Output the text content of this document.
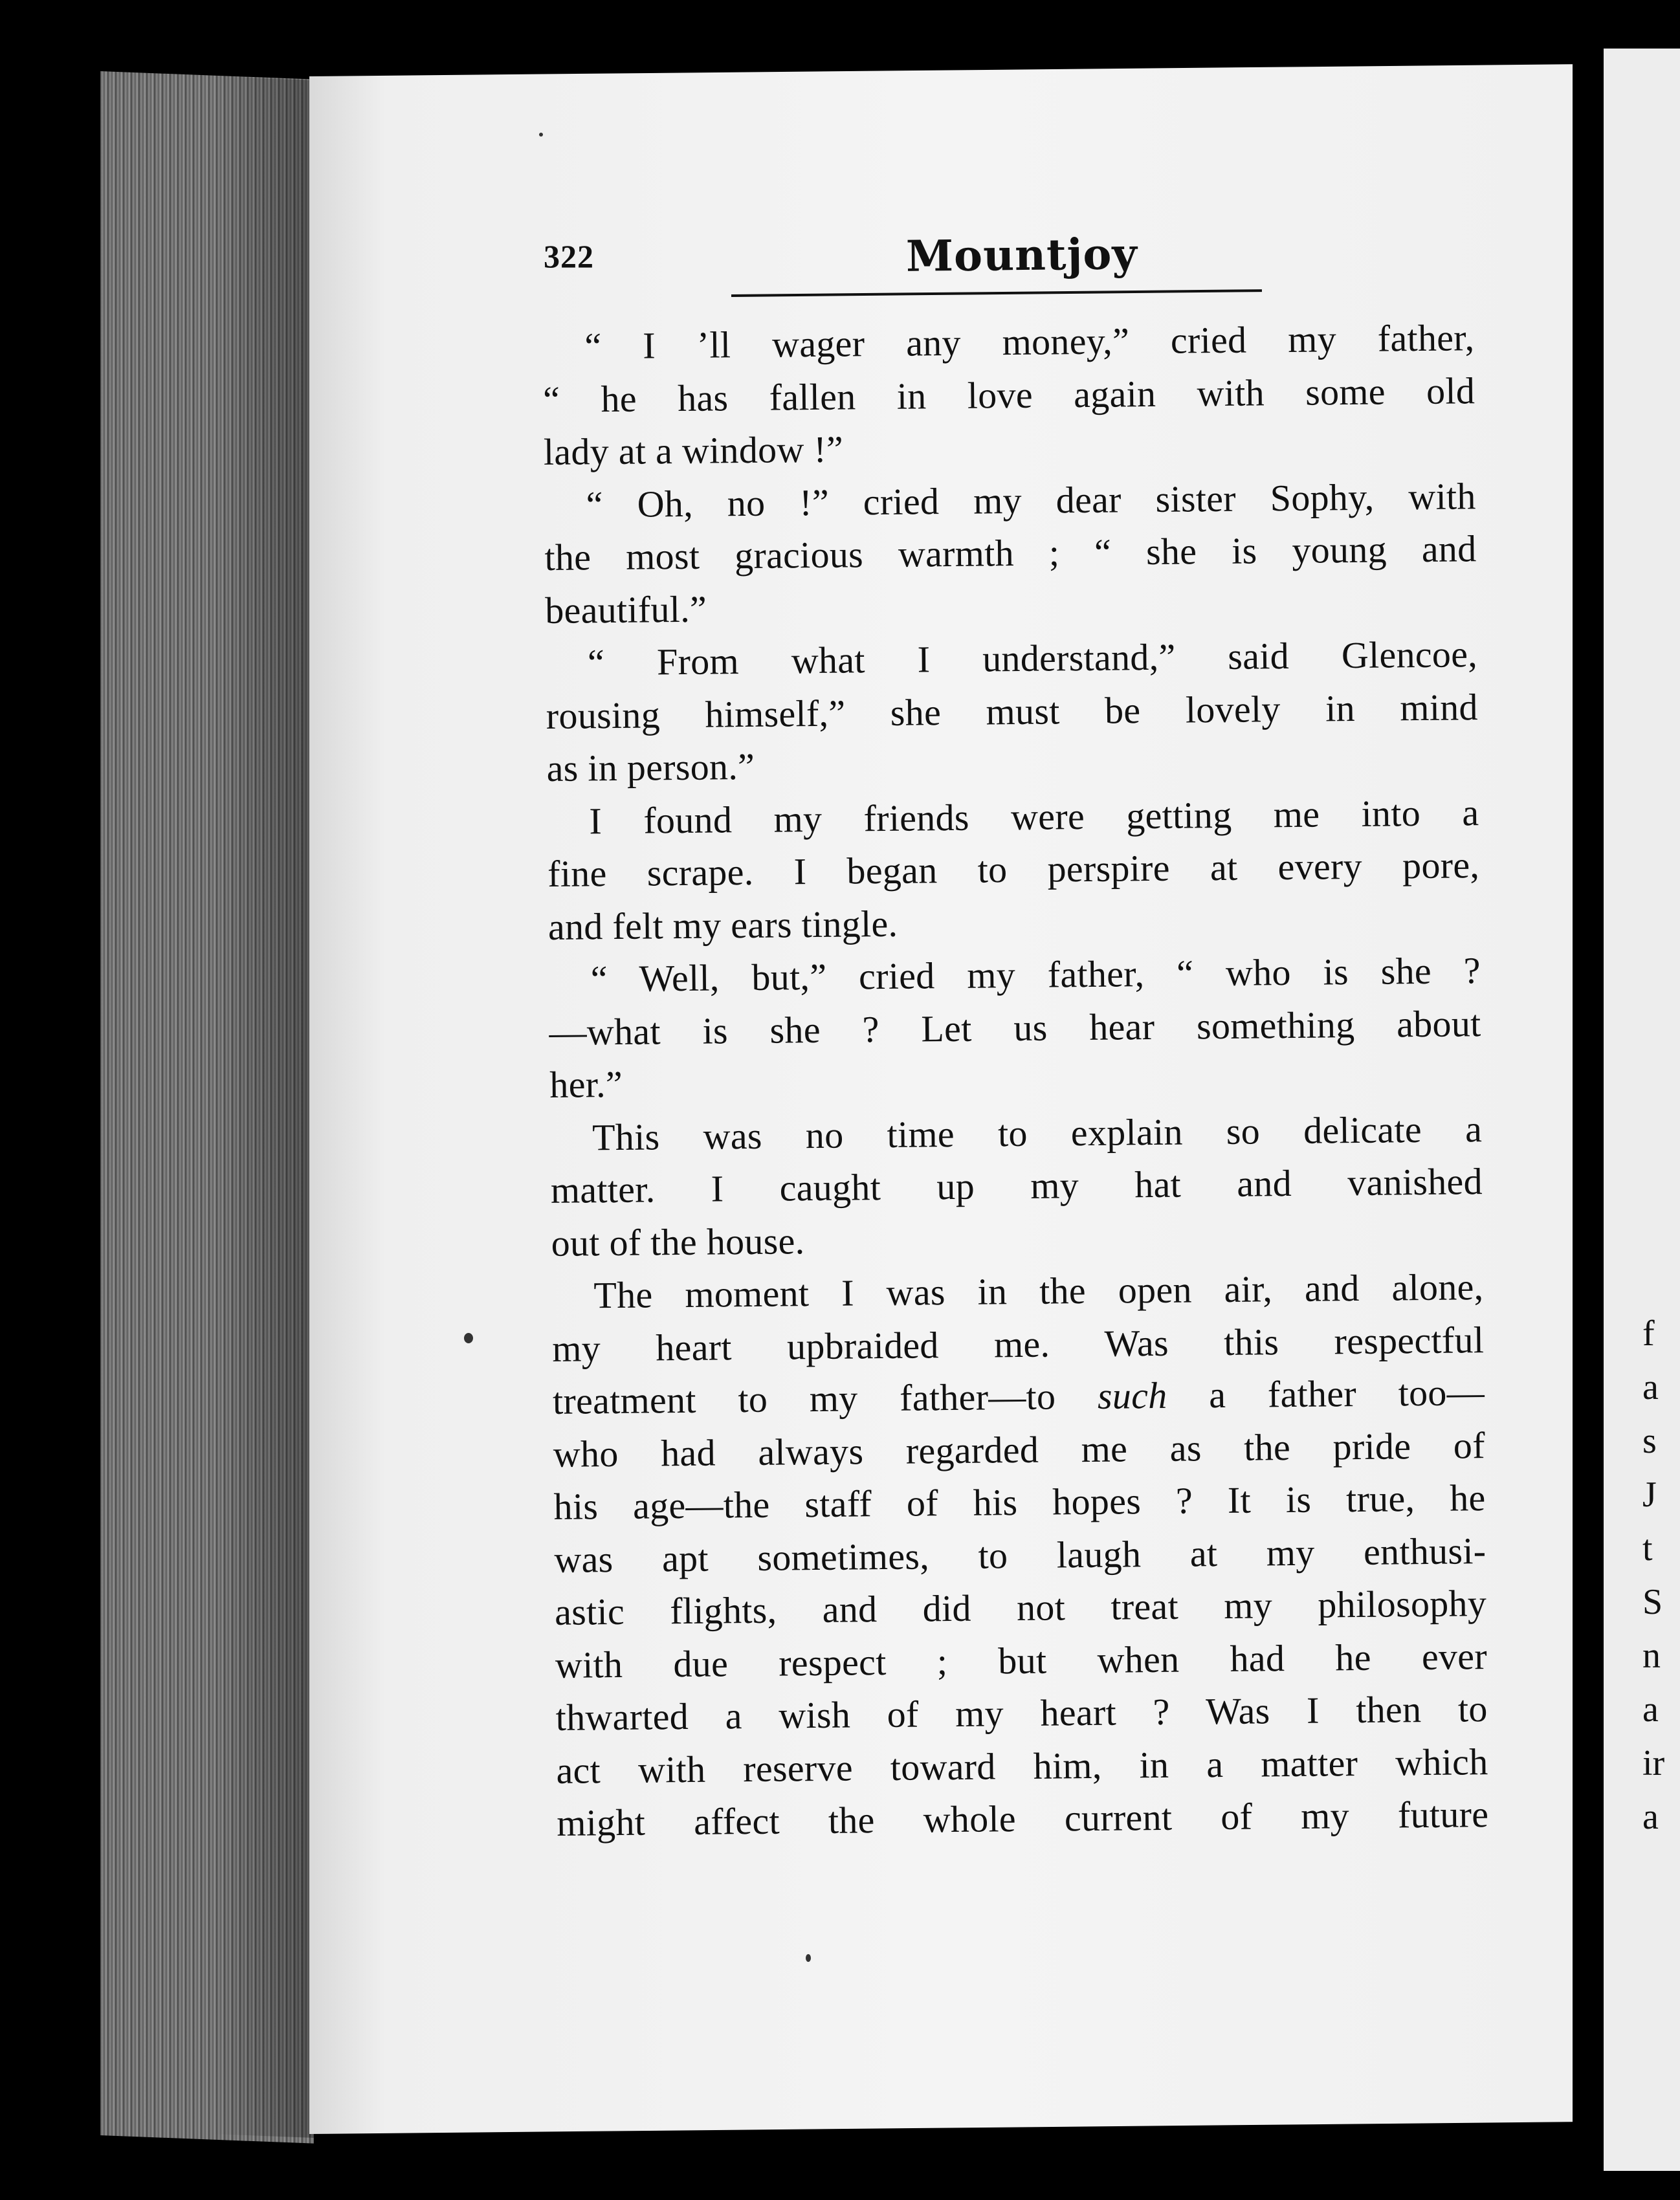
f
a
s
J
t
S
n
a
ir
a
322	Mountjoy
“ I ’ll wager any money,” cried my father,
“ he has fallen in love again with some old
lady at a window !”
“ Oh, no !” cried my dear sister Sophy, with
the most gracious warmth ; “ she is young and
beautiful.”
“ From what I understand,” said Glencoe,
rousing himself,” she must be lovely in mind
as in person.”
I found my friends were getting me into a
fine scrape. I began to perspire at every pore,
and felt my ears tingle.
“ Well, but,” cried my father, “ who is she ?
—what is she ? Let us hear something about
her.”
This was no time to explain so delicate a
matter. I caught up my hat and vanished
out of the house.
The moment I was in the open air, and alone,
my heart upbraided me. Was this respectful
treatment to my father—to such a father too—
who had always regarded me as the pride of
his age—the staff of his hopes ? It is true, he
was apt sometimes, to laugh at my enthusi-
astic flights, and did not treat my philosophy
with due respect ; but when had he ever
thwarted a wish of my heart ? Was I then to
act with reserve toward him, in a matter which
might affect the whole current of my future
